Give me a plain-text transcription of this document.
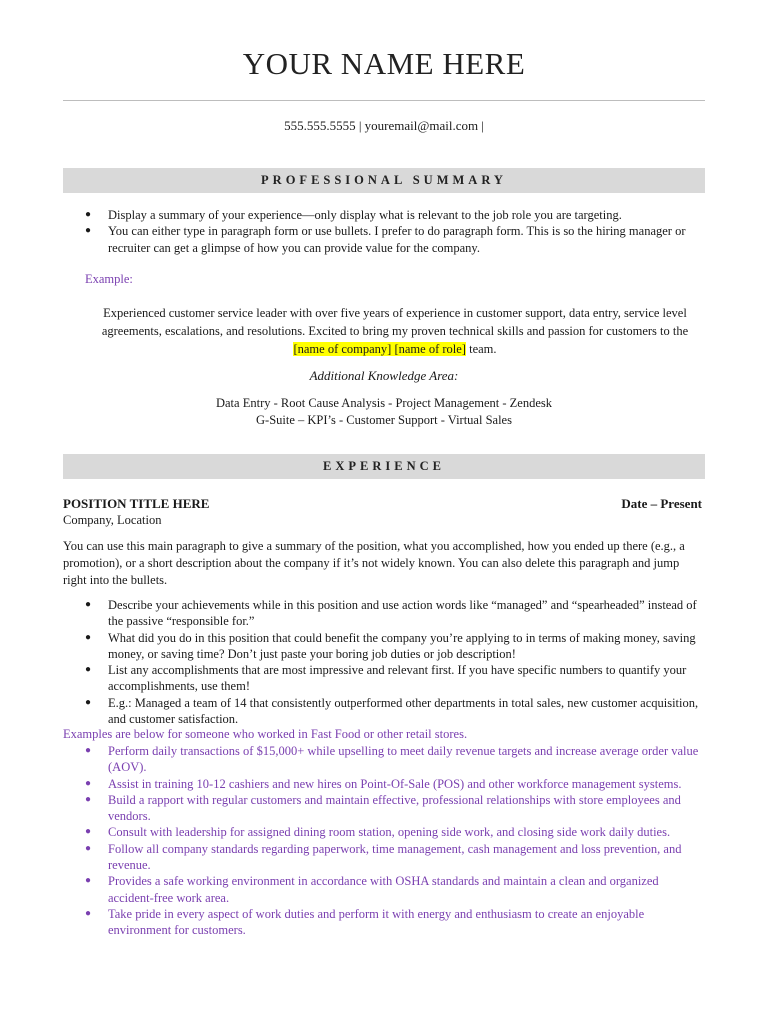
YOUR NAME HERE
555.555.5555 | youremail@mail.com |
PROFESSIONAL SUMMARY
● Display a summary of your experience—only display what is relevant to the job role you are targeting.
● You can either type in paragraph form or use bullets. I prefer to do paragraph form. This is so the hiring manager or recruiter can get a glimpse of how you can provide value for the company.
Example:
Experienced customer service leader with over five years of experience in customer support, data entry, service level agreements, escalations, and resolutions. Excited to bring my proven technical skills and passion for customers to the [name of company] [name of role] team.
Additional Knowledge Area:
Data Entry - Root Cause Analysis - Project Management - Zendesk
G-Suite – KPI’s - Customer Support - Virtual Sales
EXPERIENCE
POSITION TITLE HERE	Date – Present
Company, Location
You can use this main paragraph to give a summary of the position, what you accomplished, how you ended up there (e.g., a promotion), or a short description about the company if it’s not widely known. You can also delete this paragraph and jump right into the bullets.
● Describe your achievements while in this position and use action words like “managed” and “spearheaded” instead of the passive “responsible for.”
● What did you do in this position that could benefit the company you’re applying to in terms of making money, saving money, or saving time? Don’t just paste your boring job duties or job description!
● List any accomplishments that are most impressive and relevant first. If you have specific numbers to quantify your accomplishments, use them!
● E.g.: Managed a team of 14 that consistently outperformed other departments in total sales, new customer acquisition, and customer satisfaction.
Examples are below for someone who worked in Fast Food or other retail stores.
● Perform daily transactions of $15,000+ while upselling to meet daily revenue targets and increase average order value (AOV).
● Assist in training 10-12 cashiers and new hires on Point-Of-Sale (POS) and other workforce management systems.
● Build a rapport with regular customers and maintain effective, professional relationships with store employees and vendors.
● Consult with leadership for assigned dining room station, opening side work, and closing side work daily duties.
● Follow all company standards regarding paperwork, time management, cash management and loss prevention, and revenue.
● Provides a safe working environment in accordance with OSHA standards and maintain a clean and organized accident-free work area.
● Take pride in every aspect of work duties and perform it with energy and enthusiasm to create an enjoyable environment for customers.
